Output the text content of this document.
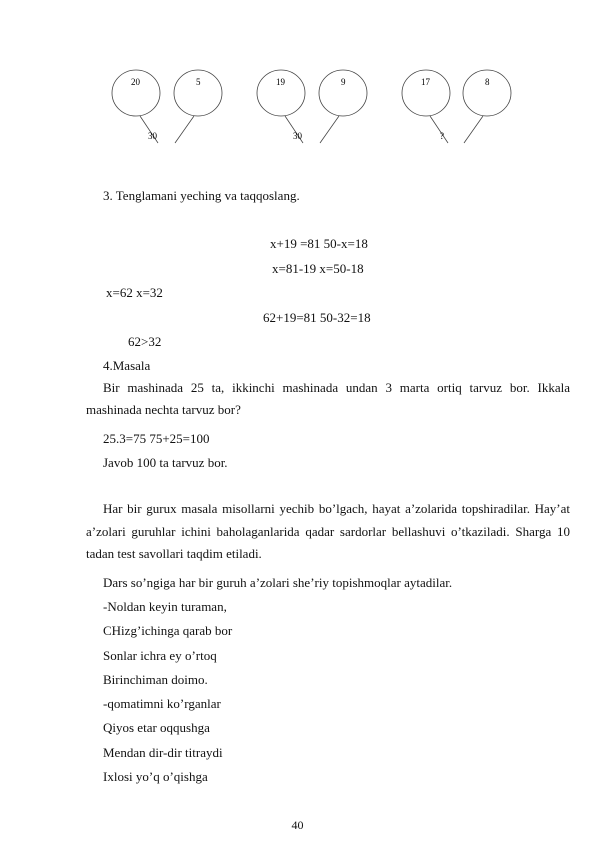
20	5
30
19	9
30
17	8
?
3. Tenglamani yeching va taqqoslang.
x+19 =81 50-x=18
x=81-19 x=50-18
x=62 x=32
62+19=81 50-32=18
62>32
4.Masala
Bir mashinada 25 ta, ikkinchi mashinada undan 3 marta ortiq tarvuz bor. Ikkala mashinada nechta tarvuz bor?
25.3=75 75+25=100
Javob 100 ta tarvuz bor.
Har bir gurux masala misollarni yechib bo’lgach, hayat a’zolarida topshiradilar. Hay’at a’zolari guruhlar ichini baholaganlarida qadar sardorlar bellashuvi o’tkaziladi. Sharga 10 tadan test savollari taqdim etiladi.
Dars so’ngiga har bir guruh a’zolari she’riy topishmoqlar aytadilar.
-Noldan keyin turaman,
CHizg’ichinga qarab bor
Sonlar ichra ey o’rtoq
Birinchiman doimo.
-qomatimni ko’rganlar
Qiyos etar oqqushga
Mendan dir-dir titraydi
Ixlosi yo’q o’qishga
40
